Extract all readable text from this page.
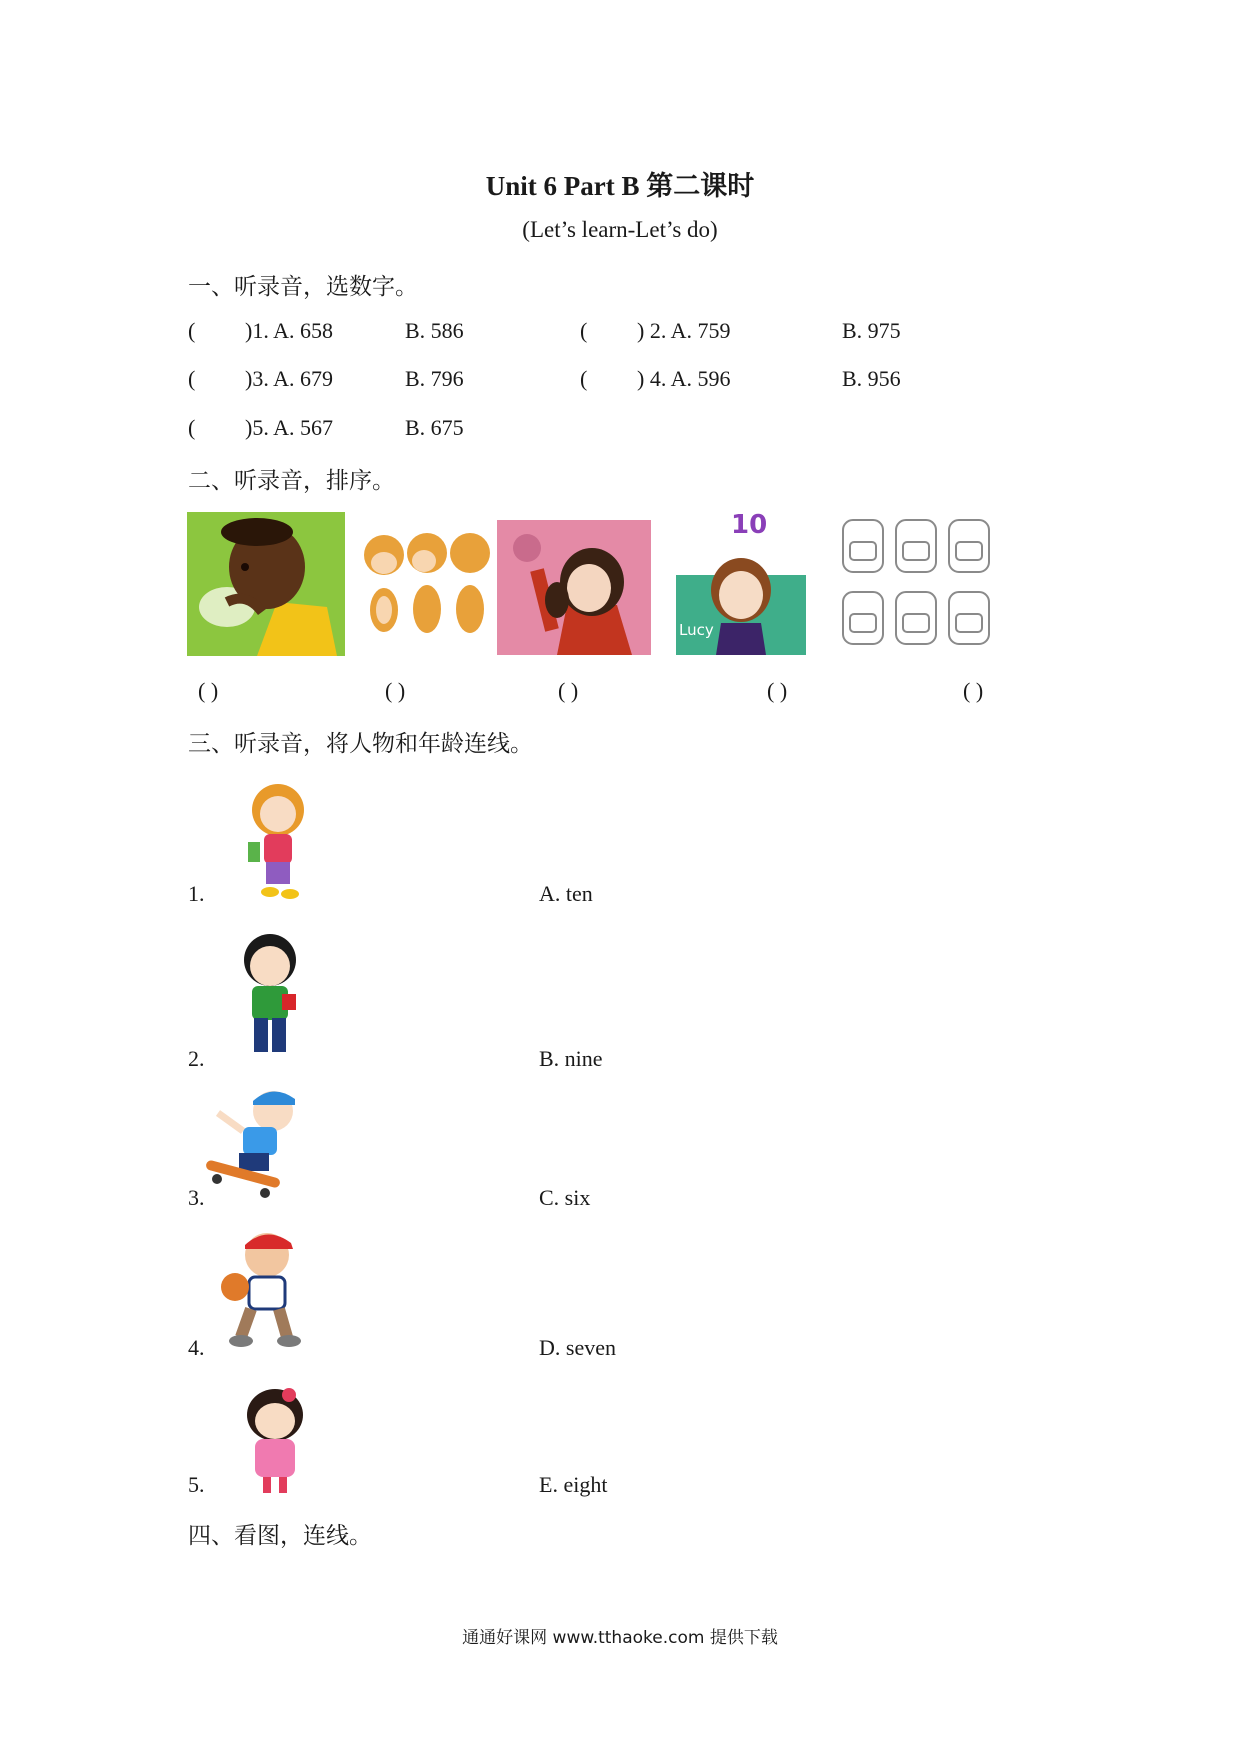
Unit 6 Part B 第二课时
(Let’s learn-Let’s do)
一、听录音，选数字。
( )1. A. 658	B. 586	( ) 2. A. 759	B. 975
( )3. A. 679	B. 796	( ) 4. A. 596	B. 956
( )5. A. 567	B. 675
二、听录音，排序。
10
Lucy
( )	( )	( )	( )	( )
三、听录音，将人物和年龄连线。
1.	A. ten
2.	B. nine
3.	C. six
4.	D. seven
5.	E. eight
四、看图，连线。
通通好课网 www.tthaoke.com 提供下载
